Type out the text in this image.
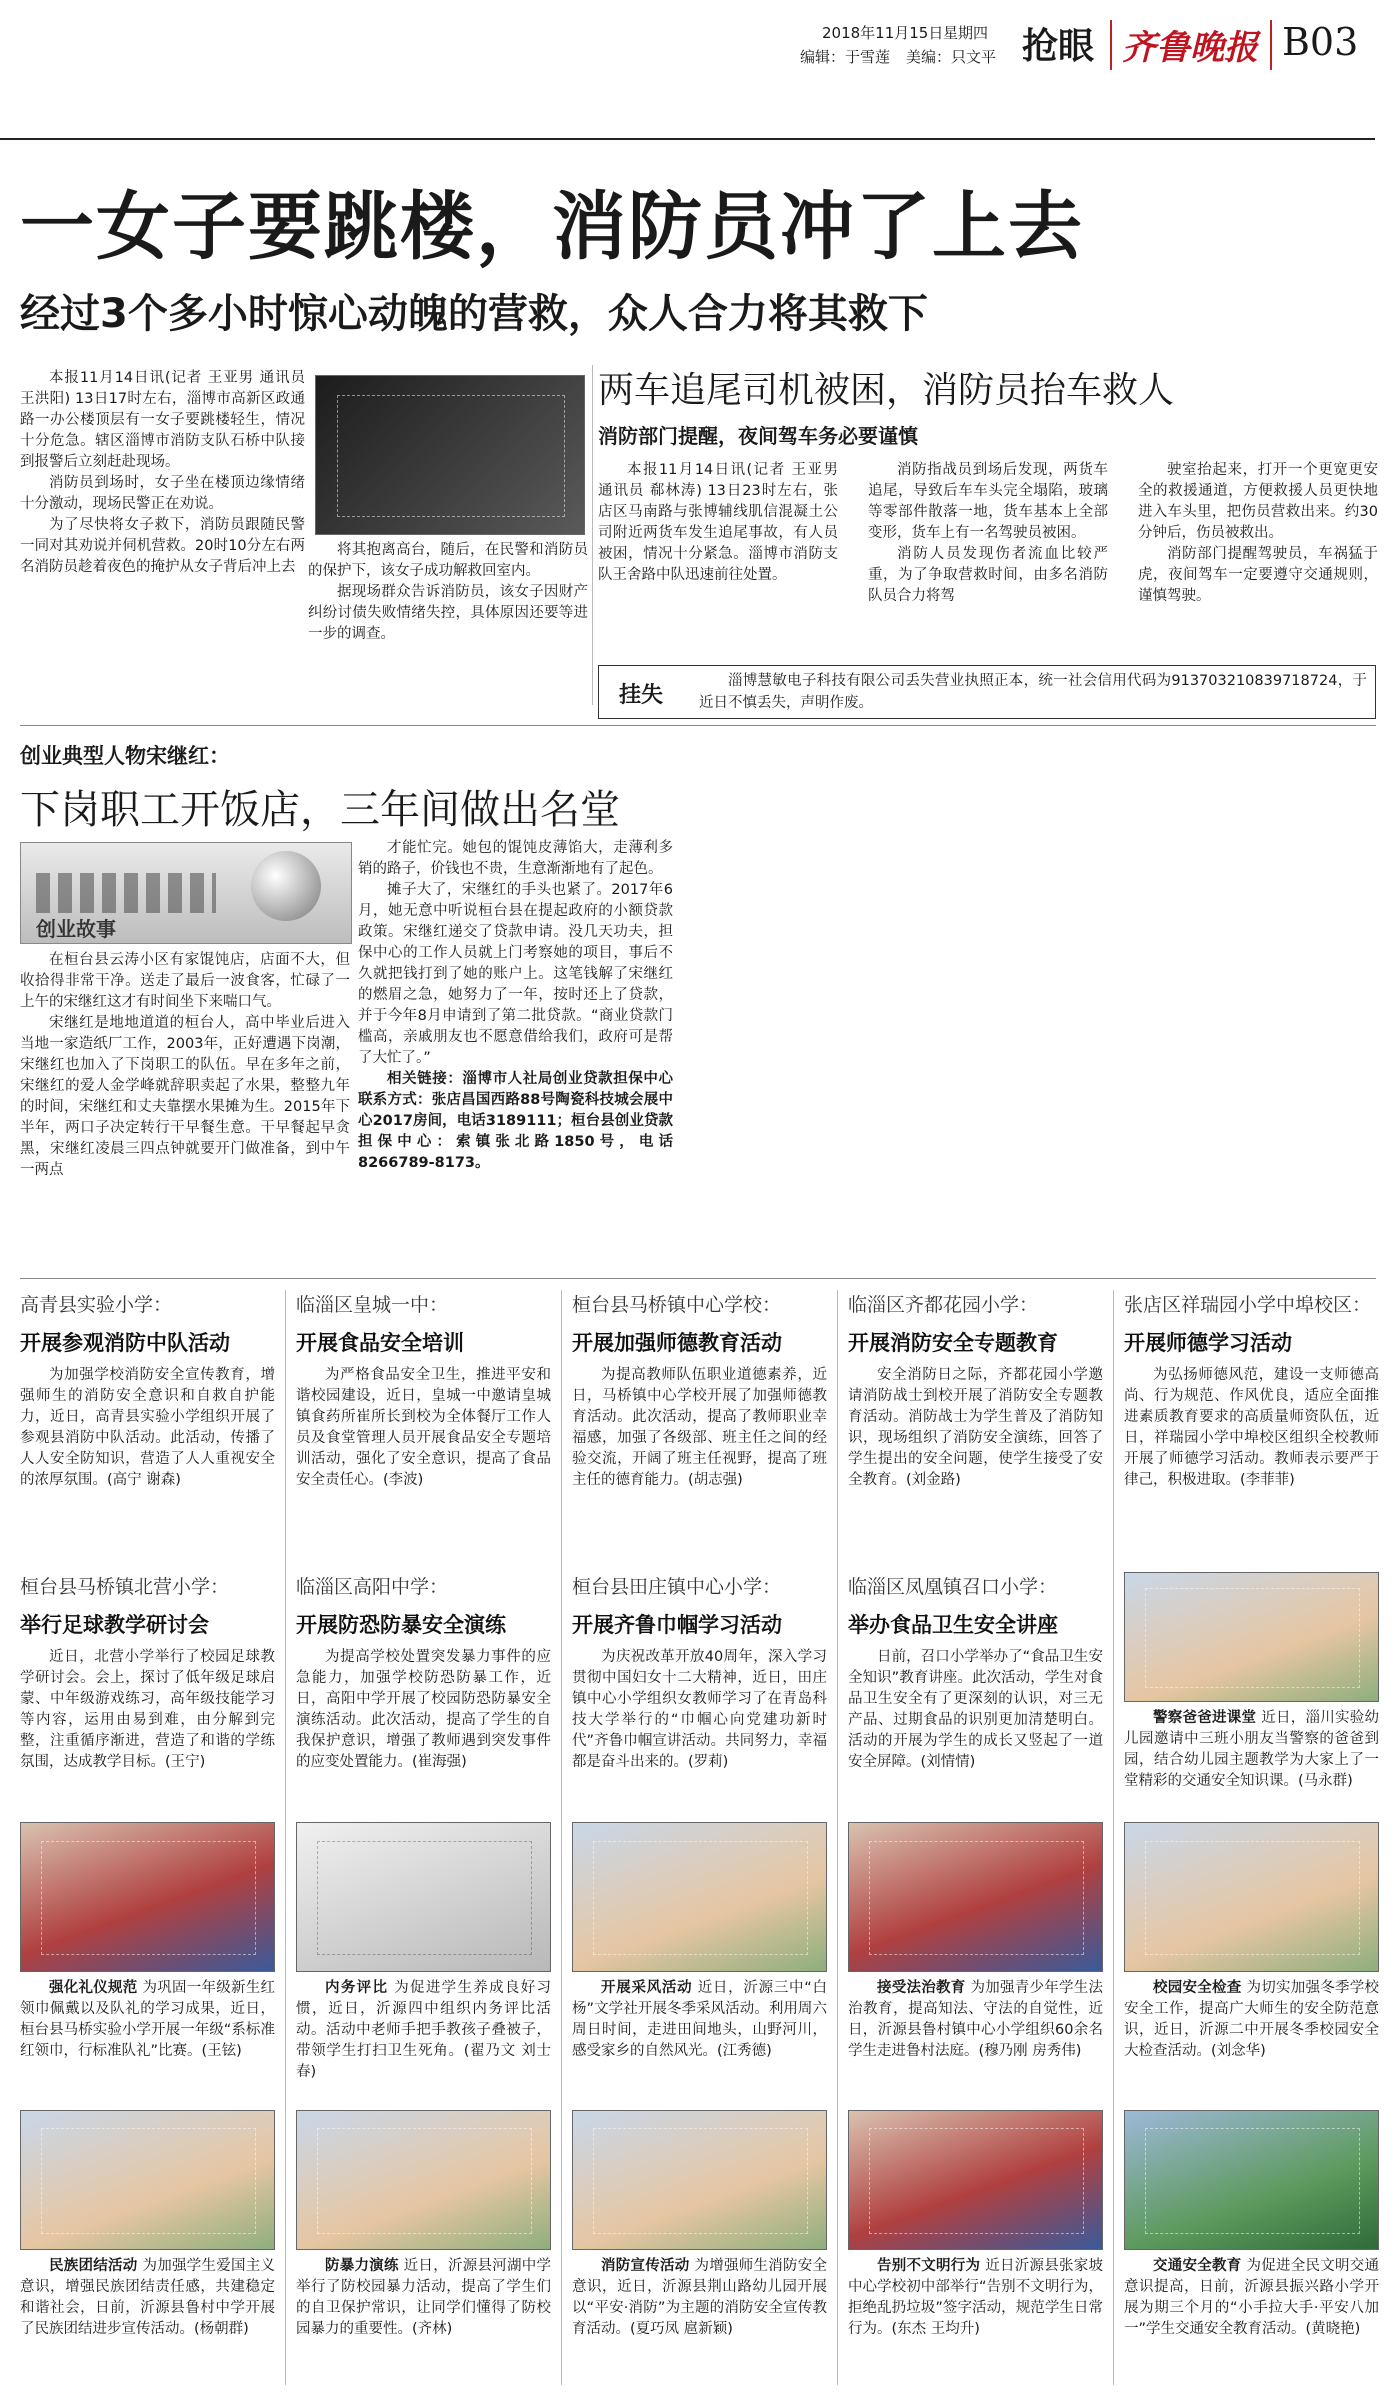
2018年11月15日 星期四
编辑：于雪莲 美编：只文平 抢眼 齐鲁晚报 B03
一女子要跳楼，消防员冲了上去
经过3个多小时惊心动魄的营救，众人合力将其救下

本报11月14日讯(记者 王亚男 通讯员 王洪阳) 13日17时左右，淄博市高新区政通路一办公楼顶层有一女子要跳楼轻生，情况十分危急。辖区淄博市消防支队石桥中队接到报警后立刻赶赴现场。

消防员到场时，女子坐在楼顶边缘情绪十分激动，现场民警正在劝说。

为了尽快将女子救下，消防员跟随民警一同对其劝说并伺机营救。20时10分左右两名消防员趁着夜色的掩护从女子背后冲上去

将其抱离高台，随后，在民警和消防员的保护下，该女子成功解救回室内。

据现场群众告诉消防员，该女子因财产纠纷讨债失败情绪失控，具体原因还要等进一步的调查。

两车追尾司机被困，消防员抬车救人
消防部门提醒，夜间驾车务必要谨慎

本报11月14日讯(记者 王亚男 通讯员 郗林涛) 13日23时左右，张店区马南路与张博辅线肌信混凝土公司附近两货车发生追尾事故，有人员被困，情况十分紧急。淄博市消防支队王舍路中队迅速前往处置。

消防指战员到场后发现，两货车追尾，导致后车车头完全塌陷，玻璃等零部件散落一地，货车基本上全部变形，货车上有一名驾驶员被困。

消防人员发现伤者流血比较严重，为了争取营救时间，由多名消防队员合力将驾

驶室抬起来，打开一个更宽更安全的救援通道，方便救援人员更快地进入车头里，把伤员营救出来。约30分钟后，伤员被救出。

消防部门提醒驾驶员，车祸猛于虎，夜间驾车一定要遵守交通规则，谨慎驾驶。

挂失

淄博慧敏电子科技有限公司丢失营业执照正本，统一社会信用代码为913703210839718724，于近日不慎丢失，声明作废。

创业典型人物宋继红：
下岗职工开饭店，三年间做出名堂
创业故事

在桓台县云涛小区有家馄饨店，店面不大，但收拾得非常干净。送走了最后一波食客，忙碌了一上午的宋继红这才有时间坐下来喘口气。

宋继红是地地道道的桓台人，高中毕业后进入当地一家造纸厂工作，2003年，正好遭遇下岗潮，宋继红也加入了下岗职工的队伍。早在多年之前，宋继红的爱人金学峰就辞职卖起了水果，整整九年的时间，宋继红和丈夫靠摆水果摊为生。2015年下半年，两口子决定转行干早餐生意。干早餐起早贪黑，宋继红凌晨三四点钟就要开门做准备，到中午一两点

才能忙完。她包的馄饨皮薄馅大，走薄利多销的路子，价钱也不贵，生意渐渐地有了起色。

摊子大了，宋继红的手头也紧了。2017年6月，她无意中听说桓台县在提起政府的小额贷款政策。宋继红递交了贷款申请。没几天功夫，担保中心的工作人员就上门考察她的项目，事后不久就把钱打到了她的账户上。这笔钱解了宋继红的燃眉之急，她努力了一年，按时还上了贷款，并于今年8月申请到了第二批贷款。“商业贷款门槛高，亲戚朋友也不愿意借给我们，政府可是帮了大忙了。”

相关链接：淄博市人社局创业贷款担保中心联系方式：张店昌国西路88号陶瓷科技城会展中心2017房间，电话3189111；桓台县创业贷款担保中心：索镇张北路1850号，电话8266789-8173。

高青县实验小学：
开展参观消防中队活动

为加强学校消防安全宣传教育，增强师生的消防安全意识和自救自护能力，近日，高青县实验小学组织开展了参观县消防中队活动。此活动，传播了人人安全防知识，营造了人人重视安全的浓厚氛围。(高宁 谢森)

临淄区皇城一中：
开展食品安全培训

为严格食品安全卫生，推进平安和谐校园建设，近日，皇城一中邀请皇城镇食药所崔所长到校为全体餐厅工作人员及食堂管理人员开展食品安全专题培训活动，强化了安全意识，提高了食品安全责任心。(李波)

桓台县马桥镇中心学校：
开展加强师德教育活动

为提高教师队伍职业道德素养，近日，马桥镇中心学校开展了加强师德教育活动。此次活动，提高了教师职业幸福感，加强了各级部、班主任之间的经验交流，开阔了班主任视野，提高了班主任的德育能力。(胡志强)

临淄区齐都花园小学：
开展消防安全专题教育

安全消防日之际，齐都花园小学邀请消防战士到校开展了消防安全专题教育活动。消防战士为学生普及了消防知识，现场组织了消防安全演练，回答了学生提出的安全问题，使学生接受了安全教育。(刘金路)

张店区祥瑞园小学中埠校区：
开展师德学习活动

为弘扬师德风范，建设一支师德高尚、行为规范、作风优良，适应全面推进素质教育要求的高质量师资队伍，近日，祥瑞园小学中埠校区组织全校教师开展了师德学习活动。教师表示要严于律己，积极进取。(李菲菲)

桓台县马桥镇北营小学：
举行足球教学研讨会

近日，北营小学举行了校园足球教学研讨会。会上，探讨了低年级足球启蒙、中年级游戏练习，高年级技能学习等内容，运用由易到难，由分解到完整，注重循序渐进，营造了和谐的学练氛围，达成教学目标。(王宁)

临淄区高阳中学：
开展防恐防暴安全演练

为提高学校处置突发暴力事件的应急能力，加强学校防恐防暴工作，近日，高阳中学开展了校园防恐防暴安全演练活动。此次活动，提高了学生的自我保护意识，增强了教师遇到突发事件的应变处置能力。(崔海强)

桓台县田庄镇中心小学：
开展齐鲁巾帼学习活动

为庆祝改革开放40周年，深入学习贯彻中国妇女十二大精神，近日，田庄镇中心小学组织女教师学习了在青岛科技大学举行的“巾帼心向党建功新时代”齐鲁巾帼宣讲活动。共同努力，幸福都是奋斗出来的。(罗莉)

临淄区凤凰镇召口小学：
举办食品卫生安全讲座

日前，召口小学举办了“食品卫生安全知识”教育讲座。此次活动，学生对食品卫生安全有了更深刻的认识，对三无产品、过期食品的识别更加清楚明白。活动的开展为学生的成长又竖起了一道安全屏障。(刘情情)

警察爸爸进课堂 近日，淄川实验幼儿园邀请中三班小朋友当警察的爸爸到园，结合幼儿园主题教学为大家上了一堂精彩的交通安全知识课。(马永群)

强化礼仪规范 为巩固一年级新生红领巾佩戴以及队礼的学习成果，近日，桓台县马桥实验小学开展一年级“系标准红领巾，行标准队礼”比赛。(王铉)

内务评比 为促进学生养成良好习惯，近日，沂源四中组织内务评比活动。活动中老师手把手教孩子叠被子，带领学生打扫卫生死角。(翟乃文 刘士春)

开展采风活动 近日，沂源三中“白杨”文学社开展冬季采风活动。利用周六周日时间，走进田间地头，山野河川，感受家乡的自然风光。(江秀德)

接受法治教育 为加强青少年学生法治教育，提高知法、守法的自觉性，近日，沂源县鲁村镇中心小学组织60余名学生走进鲁村法庭。(穆乃刚 房秀伟)

校园安全检查 为切实加强冬季学校安全工作，提高广大师生的安全防范意识，近日，沂源二中开展冬季校园安全大检查活动。(刘念华)

民族团结活动 为加强学生爱国主义意识，增强民族团结责任感，共建稳定和谐社会，日前，沂源县鲁村中学开展了民族团结进步宣传活动。(杨朝群)

防暴力演练 近日，沂源县河湖中学举行了防校园暴力活动，提高了学生们的自卫保护常识，让同学们懂得了防校园暴力的重要性。(齐林)

消防宣传活动 为增强师生消防安全意识，近日，沂源县荆山路幼儿园开展以“平安·消防”为主题的消防安全宣传教育活动。(夏巧凤 扈新颖)

告别不文明行为 近日沂源县张家坡中心学校初中部举行“告别不文明行为，拒绝乱扔垃圾”签字活动，规范学生日常行为。(东杰 王均升)

交通安全教育 为促进全民文明交通意识提高，日前，沂源县振兴路小学开展为期三个月的“小手拉大手·平安八加一”学生交通安全教育活动。(黄晓艳)
